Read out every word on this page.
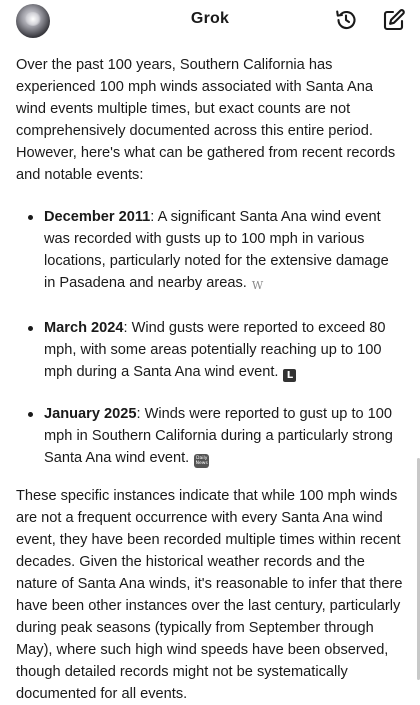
Grok

Over the past 100 years, Southern California has experienced 100 mph winds associated with Santa Ana wind events multiple times, but exact counts are not comprehensively documented across this entire period. However, here's what can be gathered from recent records and notable events:

December 2011: A significant Santa Ana wind event was recorded with gusts up to 100 mph in various locations, particularly noted for the extensive damage in Pasadena and nearby areas. W
March 2024: Wind gusts were reported to exceed 80 mph, with some areas potentially reaching up to 100 mph during a Santa Ana wind event. L
January 2025: Winds were reported to gust up to 100 mph in Southern California during a particularly strong Santa Ana wind event. Daily News

These specific instances indicate that while 100 mph winds are not a frequent occurrence with every Santa Ana wind event, they have been recorded multiple times within recent decades. Given the historical weather records and the nature of Santa Ana winds, it's reasonable to infer that there have been other instances over the last century, particularly during peak seasons (typically from September through May), where such high wind speeds have been observed, though detailed records might not be systematically documented for all events.
